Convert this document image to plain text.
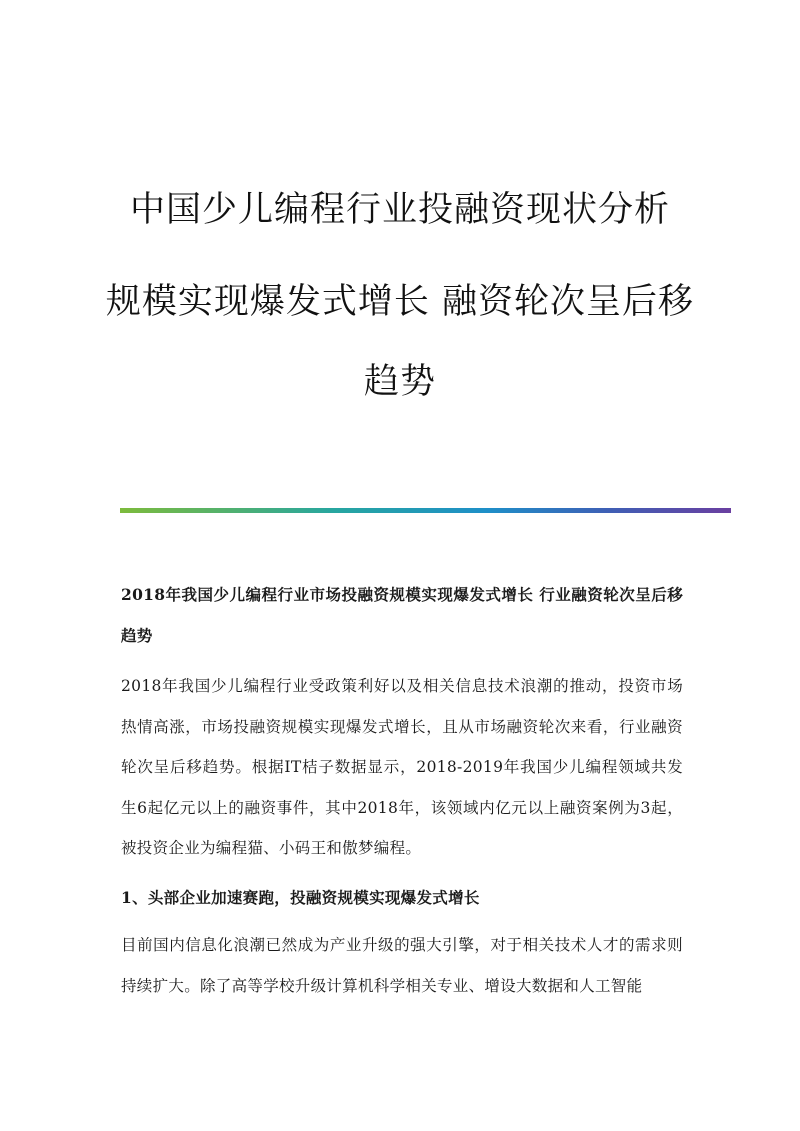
中国少儿编程行业投融资现状分析
规模实现爆发式增长 融资轮次呈后移
趋势

2018年我国少儿编程行业市场投融资规模实现爆发式增长 行业融资轮次呈后移趋势

2018年我国少儿编程行业受政策利好以及相关信息技术浪潮的推动，投资市场热情高涨，市场投融资规模实现爆发式增长，且从市场融资轮次来看，行业融资轮次呈后移趋势。根据IT桔子数据显示，2018-2019年我国少儿编程领域共发生6起亿元以上的融资事件，其中2018年，该领域内亿元以上融资案例为3起，被投资企业为编程猫、小码王和傲梦编程。

1、头部企业加速赛跑，投融资规模实现爆发式增长

目前国内信息化浪潮已然成为产业升级的强大引擎，对于相关技术人才的需求则持续扩大。除了高等学校升级计算机科学相关专业、增设大数据和人工智能
